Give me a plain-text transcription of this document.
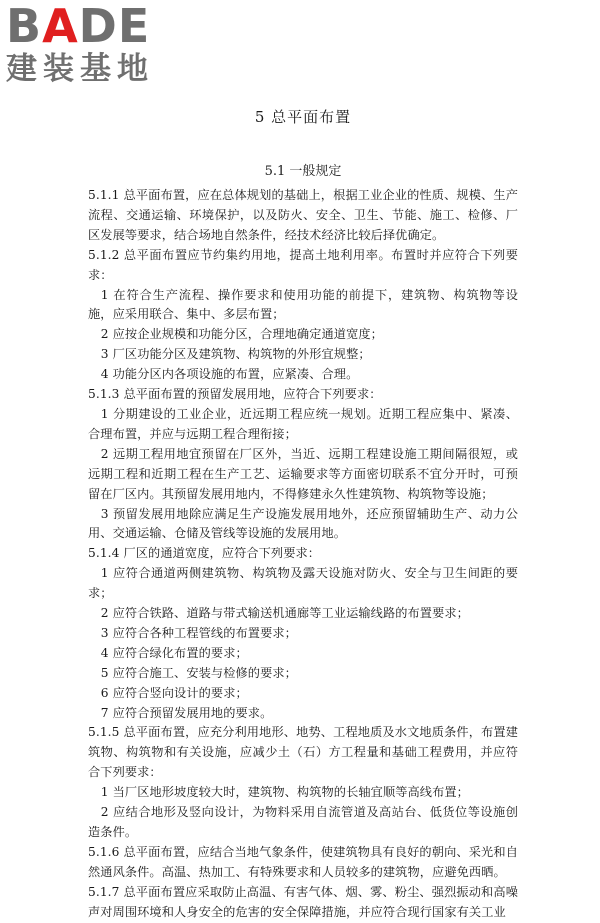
B A DE
建装基地
5 总平面布置
5.1 一般规定

5.1.1 总平面布置，应在总体规划的基础上，根据工业企业的性质、规模、生产流程、交通运输、环境保护，以及防火、安全、卫生、节能、施工、检修、厂区发展等要求，结合场地自然条件，经技术经济比较后择优确定。

5.1.2 总平面布置应节约集约用地，提高土地利用率。布置时并应符合下列要求：

1 在符合生产流程、操作要求和使用功能的前提下，建筑物、构筑物等设施，应采用联合、集中、多层布置；

2 应按企业规模和功能分区，合理地确定通道宽度；

3 厂区功能分区及建筑物、构筑物的外形宜规整；

4 功能分区内各项设施的布置，应紧凑、合理。

5.1.3 总平面布置的预留发展用地，应符合下列要求：

1 分期建设的工业企业，近远期工程应统一规划。近期工程应集中、紧凑、合理布置，并应与远期工程合理衔接；

2 远期工程用地宜预留在厂区外，当近、远期工程建设施工期间隔很短，或远期工程和近期工程在生产工艺、运输要求等方面密切联系不宜分开时，可预留在厂区内。其预留发展用地内，不得修建永久性建筑物、构筑物等设施；

3 预留发展用地除应满足生产设施发展用地外，还应预留辅助生产、动力公用、交通运输、仓储及管线等设施的发展用地。

5.1.4 厂区的通道宽度，应符合下列要求：

1 应符合通道两侧建筑物、构筑物及露天设施对防火、安全与卫生间距的要求；

2 应符合铁路、道路与带式输送机通廊等工业运输线路的布置要求；

3 应符合各种工程管线的布置要求；

4 应符合绿化布置的要求；

5 应符合施工、安装与检修的要求；

6 应符合竖向设计的要求；

7 应符合预留发展用地的要求。

5.1.5 总平面布置，应充分利用地形、地势、工程地质及水文地质条件，布置建筑物、构筑物和有关设施，应减少土（石）方工程量和基础工程费用，并应符合下列要求：

1 当厂区地形坡度较大时，建筑物、构筑物的长轴宜顺等高线布置；

2 应结合地形及竖向设计，为物料采用自流管道及高站台、低货位等设施创造条件。

5.1.6 总平面布置，应结合当地气象条件，使建筑物具有良好的朝向、采光和自然通风条件。高温、热加工、有特殊要求和人员较多的建筑物，应避免西晒。

5.1.7 总平面布置应采取防止高温、有害气体、烟、雾、粉尘、强烈振动和高噪声对周围环境和人身安全的危害的安全保障措施，并应符合现行国家有关工业
